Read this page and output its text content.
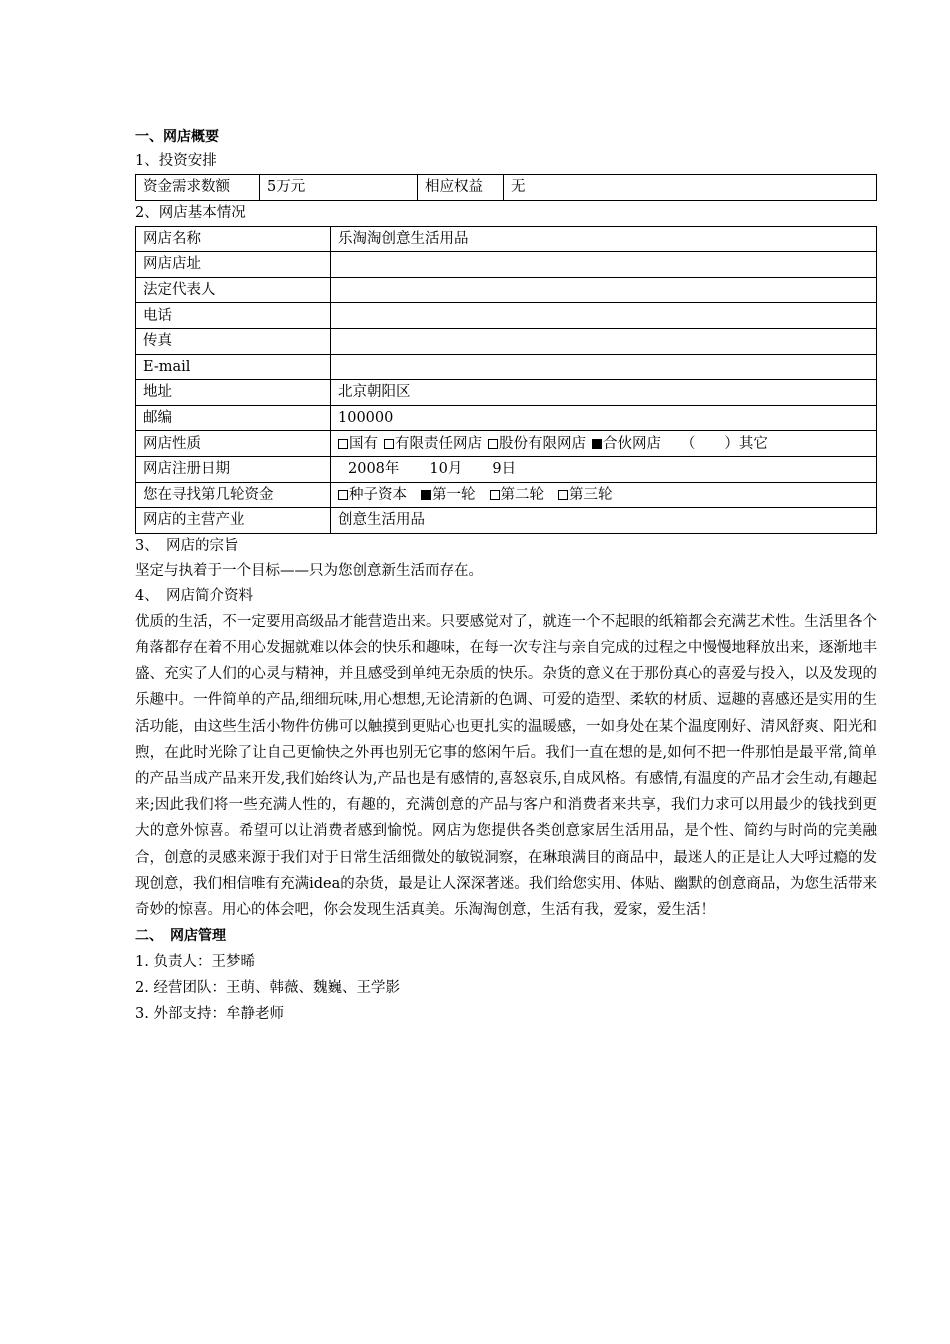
一、网店概要
1、投资安排
资金需求数额	5万元	相应权益	无
2、网店基本情况
网店名称	乐淘淘创意生活用品
网店店址	
法定代表人	
电话	
传真	
E-mail	
地址	北京朝阳区
邮编	100000
网店性质	国有 有限责任网店 股份有限网店 合伙网店 （　　）其它
网店注册日期	2008年 10月 9日
您在寻找第几轮资金	种子资本 第一轮 第二轮 第三轮
网店的主营产业	创意生活用品
3、　网店的宗旨
坚定与执着于一个目标——只为您创意新生活而存在。
4、　网店简介资料

优质的生活，不一定要用高级品才能营造出来。只要感觉对了，就连一个不起眼的纸箱都会充满艺术性。生活里各个角落都存在着不用心发掘就难以体会的快乐和趣味，在每一次专注与亲自完成的过程之中慢慢地释放出来，逐渐地丰盛、充实了人们的心灵与精神，并且感受到单纯无杂质的快乐。杂货的意义在于那份真心的喜爱与投入，以及发现的乐趣中。一件简单的产品,细细玩味,用心想想,无论清新的色调、可爱的造型、柔软的材质、逗趣的喜感还是实用的生活功能，由这些生活小物件仿佛可以触摸到更贴心也更扎实的温暖感，一如身处在某个温度刚好、清风舒爽、阳光和煦，在此时光除了让自己更愉快之外再也别无它事的悠闲午后。我们一直在想的是,如何不把一件那怕是最平常,简单的产品当成产品来开发,我们始终认为,产品也是有感情的,喜怒哀乐,自成风格。有感情,有温度的产品才会生动,有趣起来;因此我们将一些充满人性的，有趣的，充满创意的产品与客户和消费者来共享，我们力求可以用最少的钱找到更大的意外惊喜。希望可以让消费者感到愉悦。网店为您提供各类创意家居生活用品，是个性、简约与时尚的完美融合，创意的灵感来源于我们对于日常生活细微处的敏锐洞察，在琳琅满目的商品中，最迷人的正是让人大呼过瘾的发现创意，我们相信唯有充满idea的杂货，最是让人深深著迷。我们给您实用、体贴、幽默的创意商品，为您生活带来奇妙的惊喜。用心的体会吧，你会发现生活真美。乐淘淘创意，生活有我，爱家，爱生活！

二、　网店管理
1. 负责人：王梦晞
2. 经营团队：王萌、韩薇、魏巍、王学影
3. 外部支持：牟静老师
